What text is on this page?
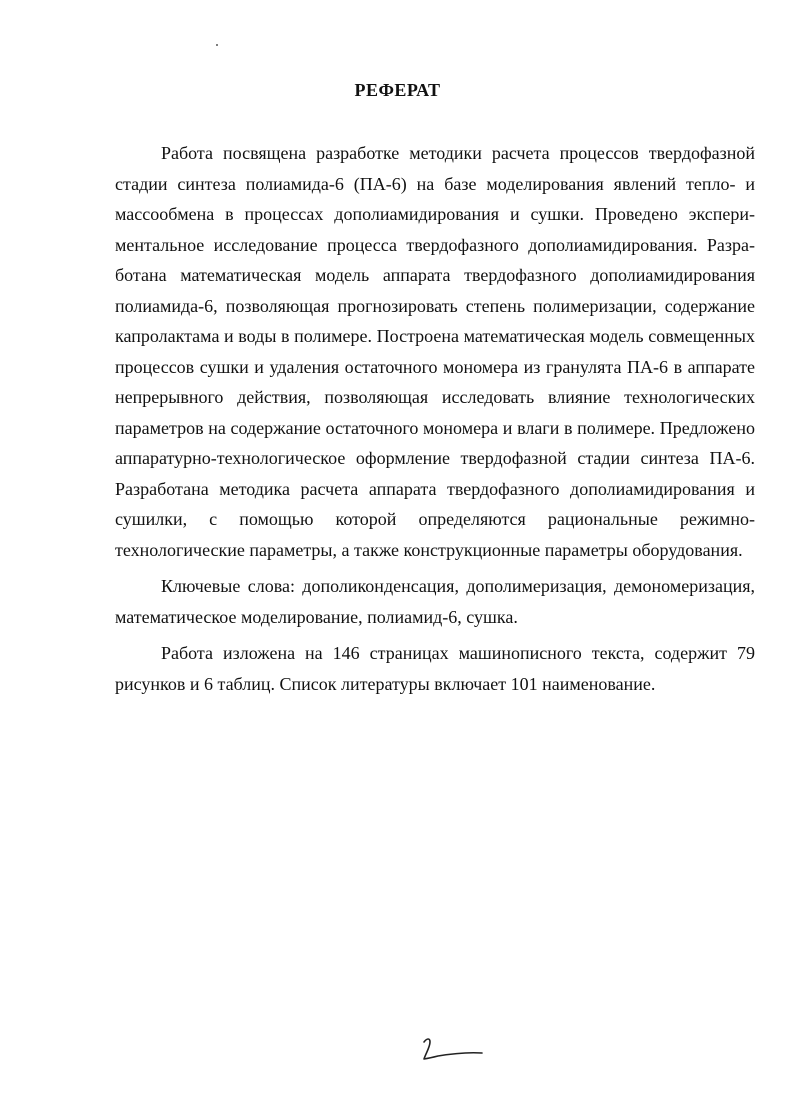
РЕФЕРАТ

Работа посвящена разработке методики расчета процессов твердофазной стадии синтеза полиамида-6 (ПА-6) на базе моделирования явлений тепло- и массообмена в процессах дополиамидирования и сушки. Проведено экспериментальное исследование процесса твердофазного дополиамидирования. Разработана математическая модель аппарата твердофазного дополиамидирования полиамида-6, позволяющая прогнозировать степень полимеризации, содержание капролактама и воды в полимере. Построена математическая модель совмещенных процессов сушки и удаления остаточного мономера из гранулята ПА-6 в аппарате непрерывного действия, позволяющая исследовать влияние технологических параметров на содержание остаточного мономера и влаги в полимере. Предложено аппаратурно-технологическое оформление твердофазной стадии синтеза ПА-6. Разработана методика расчета аппарата твердофазного дополиамидирования и сушилки, с помощью которой определяются рациональные режимно-технологические параметры, а также конструкционные параметры оборудования.

Ключевые слова: дополиконденсация, дополимеризация, демономеризация, математическое моделирование, полиамид-6, сушка.

Работа изложена на 146 страницах машинописного текста, содержит 79 рисунков и 6 таблиц. Список литературы включает 101 наименование.
